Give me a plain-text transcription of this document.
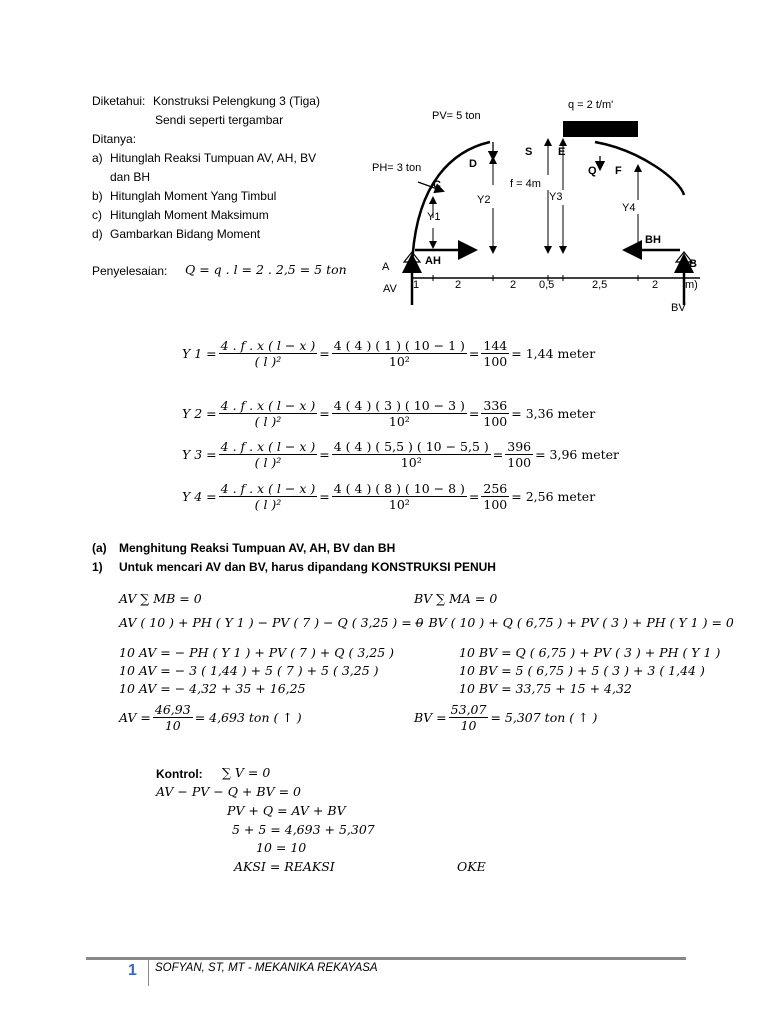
Diketahui: Konstruksi Pelengkung 3 (Tiga)
Sendi seperti tergambar
Ditanya:
a) Hitunglah Reaksi Tumpuan AV, AH, BV
dan BH
b) Hitunglah Moment Yang Timbul
c) Hitunglah Moment Maksimum
d) Gambarkan Bidang Moment
Penyelesaian: Q = q . l = 2 . 2,5 = 5 ton
PV= 5 ton
q = 2 t/m'
PH= 3 ton
S E
D
Q F
C	f = 4m
Y1
Y2	Y3
Y4
A	AH
BH
B
AV
BV
1	2	2 0,5	2,5	2 m)
Y $1 = \frac{4 . f . x ( l - x )}{\text{( l )²}} = \frac{4 ( 4 ) ( 1 ) ( 10 - 1 )}{\text{10²}} = \frac{144}{100} = 1,44$ meter
Y $2 = \frac{4 . f . x ( l - x )}{\text{( l )²}} = \frac{4 ( 4 ) ( 3 ) ( 10 - 3 )}{\text{10²}} = \frac{336}{100} = 3,36$ meter
Y $3 = \frac{4 . f . x ( l - x )}{\text{( l )²}} = \frac{4 ( 4 ) ( 5,5 ) ( 10 - 5,5 )}{\text{10²}} = \frac{396}{100} = 3,96$ meter
Y $4 = \frac{4 . f . x ( l - x )}{\text{( l )²}} = \frac{4 ( 4 ) ( 8 ) ( 10 - 8 )}{\text{10²}} = \frac{256}{100} = 2,56$ meter
(a) Menghitung Reaksi Tumpuan AV, AH, BV dan BH
1) Untuk mencari AV dan BV, harus dipandang KONSTRUKSI PENUH
AV ∑ MB = 0
AV ( 10 ) + PH ( Y 1 ) − PV ( 7 ) − Q ( 3,25 ) = 0
10 AV = − PH ( Y 1 ) + PV ( 7 ) + Q ( 3,25 )
10 AV = − 3 ( 1,44 ) + 5 ( 7 ) + 5 ( 3,25 )
10 AV = − 4,32 + 35 + 16,25
AV = $\frac{46,93}{10} = 4,693$ ton ( ↑ )
BV ∑ MA = 0
− BV ( 10 ) + Q ( 6,75 ) + PV ( 3 ) + PH ( Y 1 ) = 0
10 BV = Q ( 6,75 ) + PV ( 3 ) + PH ( Y 1 )
10 BV = 5 ( 6,75 ) + 5 ( 3 ) + 3 ( 1,44 )
10 BV = 33,75 + 15 + 4,32
BV = $\frac{53,07}{10} = 5,307$ ton ( ↑ )
Kontrol: ∑ V = 0
AV − PV − Q + BV = 0
PV + Q = AV + BV
5 + 5 = 4,693 + 5,307
10 = 10
AKSI = REAKSI	OKE
1 SOFYAN, ST, MT - MEKANIKA REKAYASA
